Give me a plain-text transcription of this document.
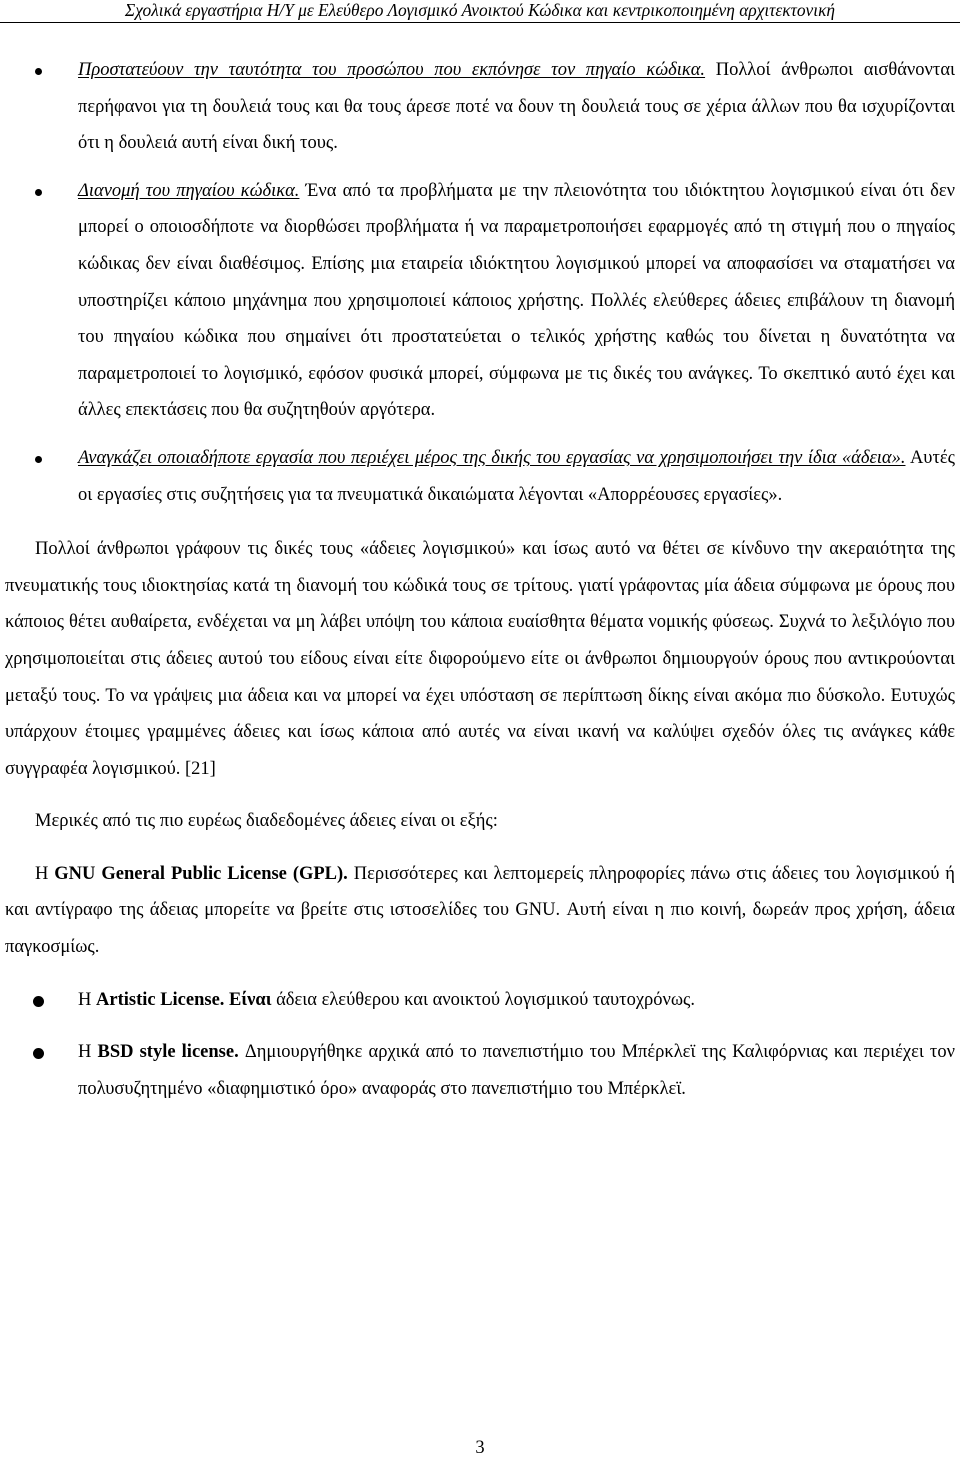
Σχολικά εργαστήρια Η/Υ με Ελεύθερο Λογισμικό Ανοικτού Κώδικα και κεντρικοποιημένη αρχιτεκτονική

Προστατεύουν την ταυτότητα του προσώπου που εκπόνησε τον πηγαίο κώδικα. Πολλοί άνθρωποι αισθάνονται περήφανοι για τη δουλειά τους και θα τους άρεσε ποτέ να δουν τη δουλειά τους σε χέρια άλλων που θα ισχυρίζονται ότι η δουλειά αυτή είναι δική τους.

Διανομή του πηγαίου κώδικα. Ένα από τα προβλήματα με την πλειονότητα του ιδιόκτητου λογισμικού είναι ότι δεν μπορεί ο οποιοσδήποτε να διορθώσει προβλήματα ή να παραμετροποιήσει εφαρμογές από τη στιγμή που ο πηγαίος κώδικας δεν είναι διαθέσιμος. Επίσης μια εταιρεία ιδιόκτητου λογισμικού μπορεί να αποφασίσει να σταματήσει να υποστηρίζει κάποιο μηχάνημα που χρησιμοποιεί κάποιος χρήστης. Πολλές ελεύθερες άδειες επιβάλουν τη διανομή του πηγαίου κώδικα που σημαίνει ότι προστατεύεται ο τελικός χρήστης καθώς του δίνεται η δυνατότητα να παραμετροποιεί το λογισμικό, εφόσον φυσικά μπορεί, σύμφωνα με τις δικές του ανάγκες. Το σκεπτικό αυτό έχει και άλλες επεκτάσεις που θα συζητηθούν αργότερα.

Αναγκάζει οποιαδήποτε εργασία που περιέχει μέρος της δικής του εργασίας να χρησιμοποιήσει την ίδια «άδεια». Αυτές οι εργασίες στις συζητήσεις για τα πνευματικά δικαιώματα λέγονται «Απορρέουσες εργασίες».

Πολλοί άνθρωποι γράφουν τις δικές τους «άδειες λογισμικού» και ίσως αυτό να θέτει σε κίνδυνο την ακεραιότητα της πνευματικής τους ιδιοκτησίας κατά τη διανομή του κώδικά τους σε τρίτους. γιατί γράφοντας μία άδεια σύμφωνα με όρους που κάποιος θέτει αυθαίρετα, ενδέχεται να μη λάβει υπόψη του κάποια ευαίσθητα θέματα νομικής φύσεως. Συχνά το λεξιλόγιο που χρησιμοποιείται στις άδειες αυτού του είδους είναι είτε διφορούμενο είτε οι άνθρωποι δημιουργούν όρους που αντικρούονται μεταξύ τους. Το να γράψεις μια άδεια και να μπορεί να έχει υπόσταση σε περίπτωση δίκης είναι ακόμα πιο δύσκολο. Ευτυχώς υπάρχουν έτοιμες γραμμένες άδειες και ίσως κάποια από αυτές να είναι ικανή να καλύψει σχεδόν όλες τις ανάγκες κάθε συγγραφέα λογισμικού. [21]

Μερικές από τις πιο ευρέως διαδεδομένες άδειες είναι οι εξής:

Η GNU General Public License (GPL). Περισσότερες και λεπτομερείς πληροφορίες πάνω στις άδειες του λογισμικού ή και αντίγραφο της άδειας μπορείτε να βρείτε στις ιστοσελίδες του GNU. Αυτή είναι η πιο κοινή, δωρεάν προς χρήση, άδεια παγκοσμίως.

Η Artistic License. Είναι άδεια ελεύθερου και ανοικτού λογισμικού ταυτοχρόνως.

Η BSD style license. Δημιουργήθηκε αρχικά από το πανεπιστήμιο του Μπέρκλεϊ της Καλιφόρνιας και περιέχει τον πολυσυζητημένο «διαφημιστικό όρο» αναφοράς στο πανεπιστήμιο του Μπέρκλεϊ.

3
